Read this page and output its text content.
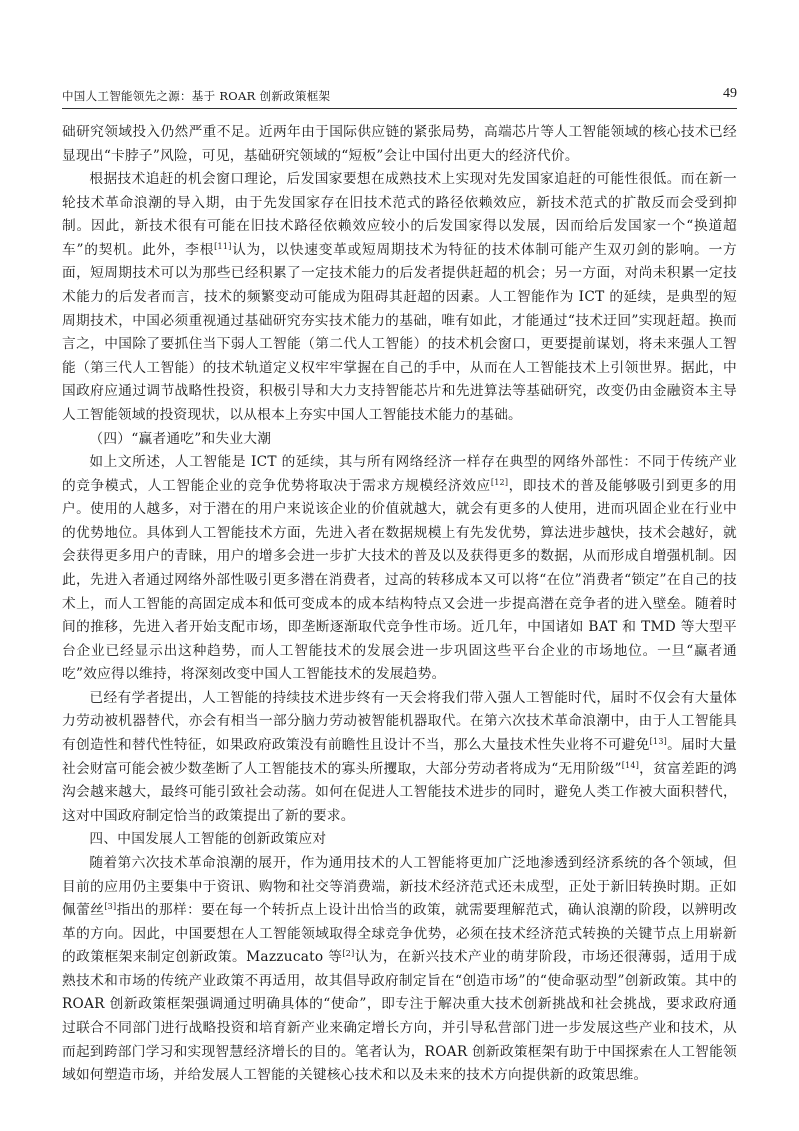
中国人工智能领先之源：基于 ROAR 创新政策框架	49

础研究领域投入仍然严重不足。近两年由于国际供应链的紧张局势，高端芯片等人工智能领域的核心技术已经显现出“卡脖子”风险，可见，基础研究领域的“短板”会让中国付出更大的经济代价。

根据技术追赶的机会窗口理论，后发国家要想在成熟技术上实现对先发国家追赶的可能性很低。而在新一轮技术革命浪潮的导入期，由于先发国家存在旧技术范式的路径依赖效应，新技术范式的扩散反而会受到抑制。因此，新技术很有可能在旧技术路径依赖效应较小的后发国家得以发展，因而给后发国家一个“换道超车”的契机。此外，李根[11]认为，以快速变革或短周期技术为特征的技术体制可能产生双刃剑的影响。一方面，短周期技术可以为那些已经积累了一定技术能力的后发者提供赶超的机会；另一方面，对尚未积累一定技术能力的后发者而言，技术的频繁变动可能成为阻碍其赶超的因素。人工智能作为 ICT 的延续，是典型的短周期技术，中国必须重视通过基础研究夯实技术能力的基础，唯有如此，才能通过“技术迂回”实现赶超。换而言之，中国除了要抓住当下弱人工智能（第二代人工智能）的技术机会窗口，更要提前谋划，将未来强人工智能（第三代人工智能）的技术轨道定义权牢牢掌握在自己的手中，从而在人工智能技术上引领世界。据此，中国政府应通过调节战略性投资，积极引导和大力支持智能芯片和先进算法等基础研究，改变仍由金融资本主导人工智能领域的投资现状，以从根本上夯实中国人工智能技术能力的基础。

（四）“赢者通吃”和失业大潮

如上文所述，人工智能是 ICT 的延续，其与所有网络经济一样存在典型的网络外部性：不同于传统产业的竞争模式，人工智能企业的竞争优势将取决于需求方规模经济效应[12]，即技术的普及能够吸引到更多的用户。使用的人越多，对于潜在的用户来说该企业的价值就越大，就会有更多的人使用，进而巩固企业在行业中的优势地位。具体到人工智能技术方面，先进入者在数据规模上有先发优势，算法进步越快，技术会越好，就会获得更多用户的青睐，用户的增多会进一步扩大技术的普及以及获得更多的数据，从而形成自增强机制。因此，先进入者通过网络外部性吸引更多潜在消费者，过高的转移成本又可以将“在位”消费者“锁定”在自己的技术上，而人工智能的高固定成本和低可变成本的成本结构特点又会进一步提高潜在竞争者的进入壁垒。随着时间的推移，先进入者开始支配市场，即垄断逐渐取代竞争性市场。近几年，中国诸如 BAT 和 TMD 等大型平台企业已经显示出这种趋势，而人工智能技术的发展会进一步巩固这些平台企业的市场地位。一旦“赢者通吃”效应得以维持，将深刻改变中国人工智能技术的发展趋势。

已经有学者提出，人工智能的持续技术进步终有一天会将我们带入强人工智能时代，届时不仅会有大量体力劳动被机器替代，亦会有相当一部分脑力劳动被智能机器取代。在第六次技术革命浪潮中，由于人工智能具有创造性和替代性特征，如果政府政策没有前瞻性且设计不当，那么大量技术性失业将不可避免[13]。届时大量社会财富可能会被少数垄断了人工智能技术的寡头所攫取，大部分劳动者将成为“无用阶级”[14]，贫富差距的鸿沟会越来越大，最终可能引致社会动荡。如何在促进人工智能技术进步的同时，避免人类工作被大面积替代，这对中国政府制定恰当的政策提出了新的要求。

四、中国发展人工智能的创新政策应对

随着第六次技术革命浪潮的展开，作为通用技术的人工智能将更加广泛地渗透到经济系统的各个领域，但目前的应用仍主要集中于资讯、购物和社交等消费端，新技术经济范式还未成型，正处于新旧转换时期。正如佩蕾丝[3]指出的那样：要在每一个转折点上设计出恰当的政策，就需要理解范式，确认浪潮的阶段，以辨明改革的方向。因此，中国要想在人工智能领域取得全球竞争优势，必须在技术经济范式转换的关键节点上用崭新的政策框架来制定创新政策。Mazzucato 等[2]认为，在新兴技术产业的萌芽阶段，市场还很薄弱，适用于成熟技术和市场的传统产业政策不再适用，故其倡导政府制定旨在“创造市场”的“使命驱动型”创新政策。其中的 ROAR 创新政策框架强调通过明确具体的“使命”，即专注于解决重大技术创新挑战和社会挑战，要求政府通过联合不同部门进行战略投资和培育新产业来确定增长方向，并引导私营部门进一步发展这些产业和技术，从而起到跨部门学习和实现智慧经济增长的目的。笔者认为，ROAR 创新政策框架有助于中国探索在人工智能领域如何塑造市场，并给发展人工智能的关键核心技术和以及未来的技术方向提供新的政策思维。
